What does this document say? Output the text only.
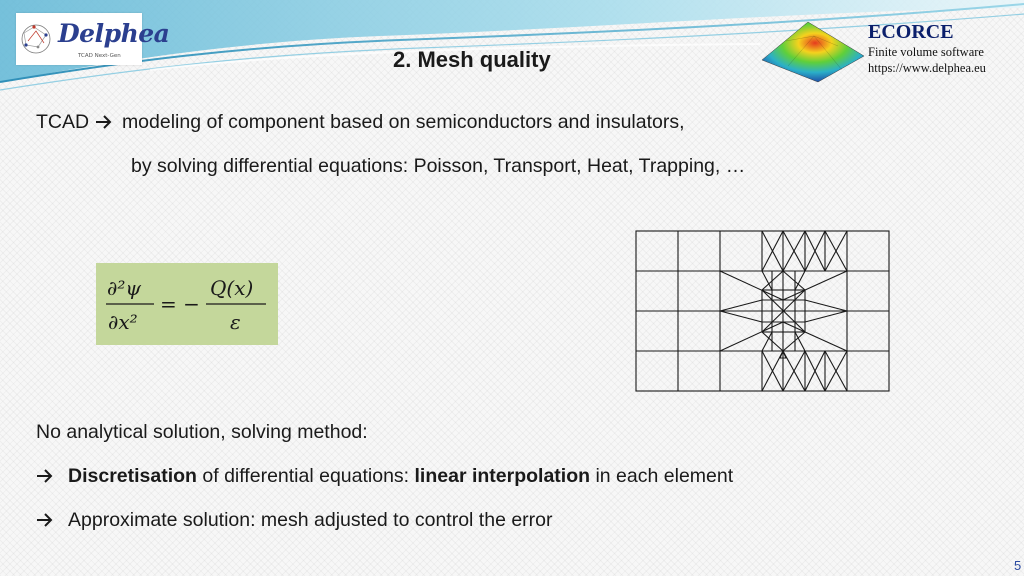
Delphea
TCAD Next-Gen	2. Mesh quality
ECORCE
Finite volume software
https://www.delphea.eu
TCAD modeling of component based on semiconductors and insulators,
by solving differential equations: Poisson, Transport, Heat, Trapping, …
∂²ψ
∂x²
= −
Q(x)
ε
No analytical solution, solving method:
Discretisation of differential equations: linear interpolation in each element
Approximate solution: mesh adjusted to control the error
5
